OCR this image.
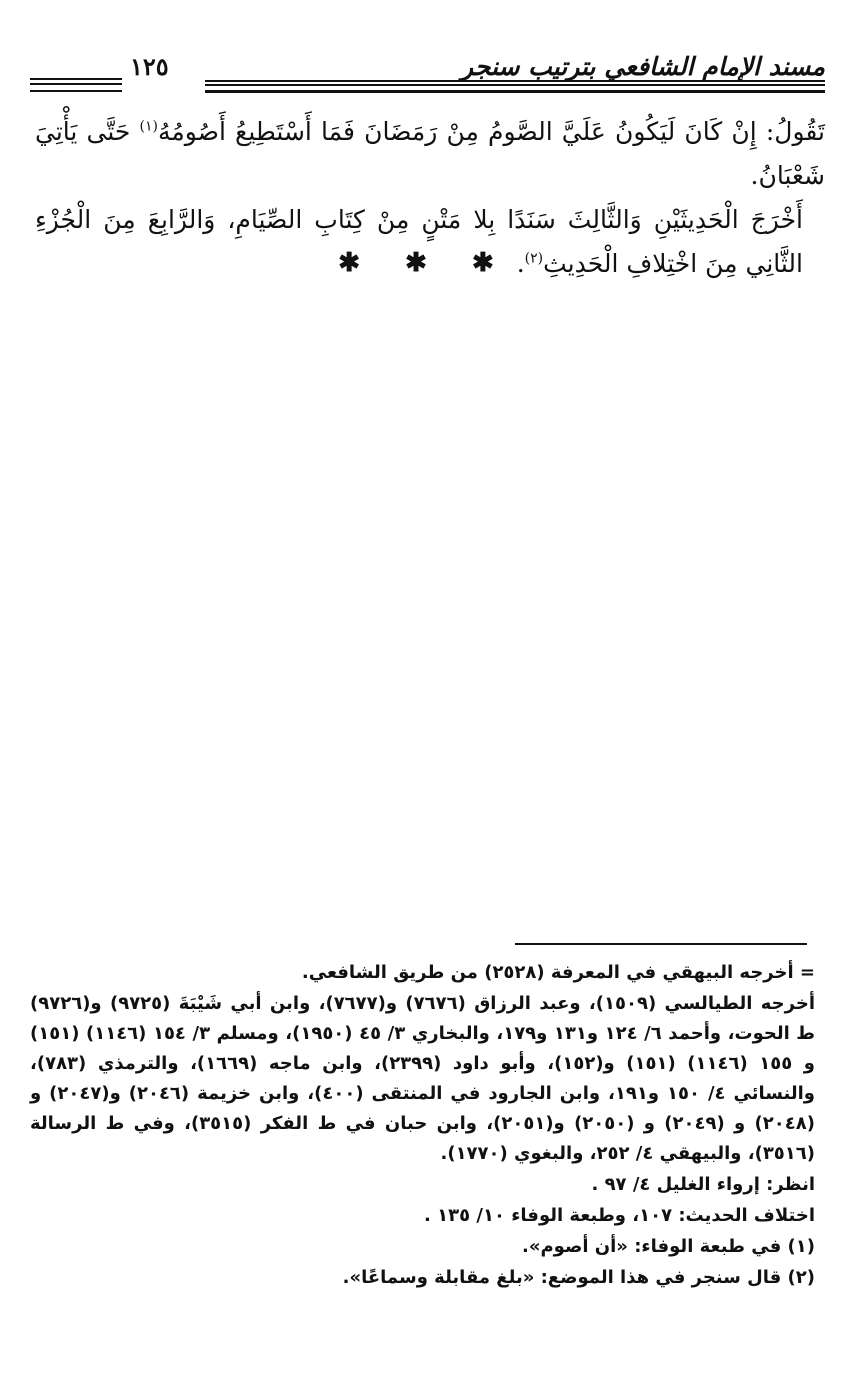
١٢٥	مسند الإمام الشافعي بترتيب سنجر

تَقُولُ: إِنْ كَانَ لَيَكُونُ عَلَيَّ الصَّومُ مِنْ رَمَضَانَ فَمَا أَسْتَطِيعُ أَصُومُهُ$^{(١)}$ حَتَّى يَأْتِيَ شَعْبَانُ.

أَخْرَجَ الْحَدِيثَيْنِ وَالثَّالِثَ سَنَدًا بِلا مَتْنٍ مِنْ كِتَابِ الصِّيَامِ، وَالرَّابِعَ مِنَ الْجُزْءِ الثَّانِي مِنَ اخْتِلافِ الْحَدِيثِ$^{(٢)}$.

✱ ✱ ✱

= أخرجه البيهقي في المعرفة (٢٥٢٨) من طريق الشافعي.

أخرجه الطيالسي (١٥٠٩)، وعبد الرزاق (٧٦٧٦) و(٧٦٧٧)، وابن أبي شَيْبَةَ (٩٧٢٥) و(٩٧٢٦) ط الحوت، وأحمد ٦/ ١٢٤ و١٣١ و١٧٩، والبخاري ٣/ ٤٥ (١٩٥٠)، ومسلم ٣/ ١٥٤ (١١٤٦) (١٥١) و ١٥٥ (١١٤٦) (١٥١) و(١٥٢)، وأبو داود (٢٣٩٩)، وابن ماجه (١٦٦٩)، والترمذي (٧٨٣)، والنسائي ٤/ ١٥٠ و١٩١، وابن الجارود في المنتقى (٤٠٠)، وابن خزيمة (٢٠٤٦) و(٢٠٤٧) و (٢٠٤٨) و (٢٠٤٩) و (٢٠٥٠) و(٢٠٥١)، وابن حبان في ط الفكر (٣٥١٥)، وفي ط الرسالة (٣٥١٦)، والبيهقي ٤/ ٢٥٢، والبغوي (١٧٧٠).

انظر: إرواء الغليل ٤/ ٩٧ .

اختلاف الحديث: ١٠٧، وطبعة الوفاء ١٠/ ١٣٥ .

(١) في طبعة الوفاء: «أن أصوم».

(٢) قال سنجر في هذا الموضع: «بلغ مقابلة وسماعًا».
